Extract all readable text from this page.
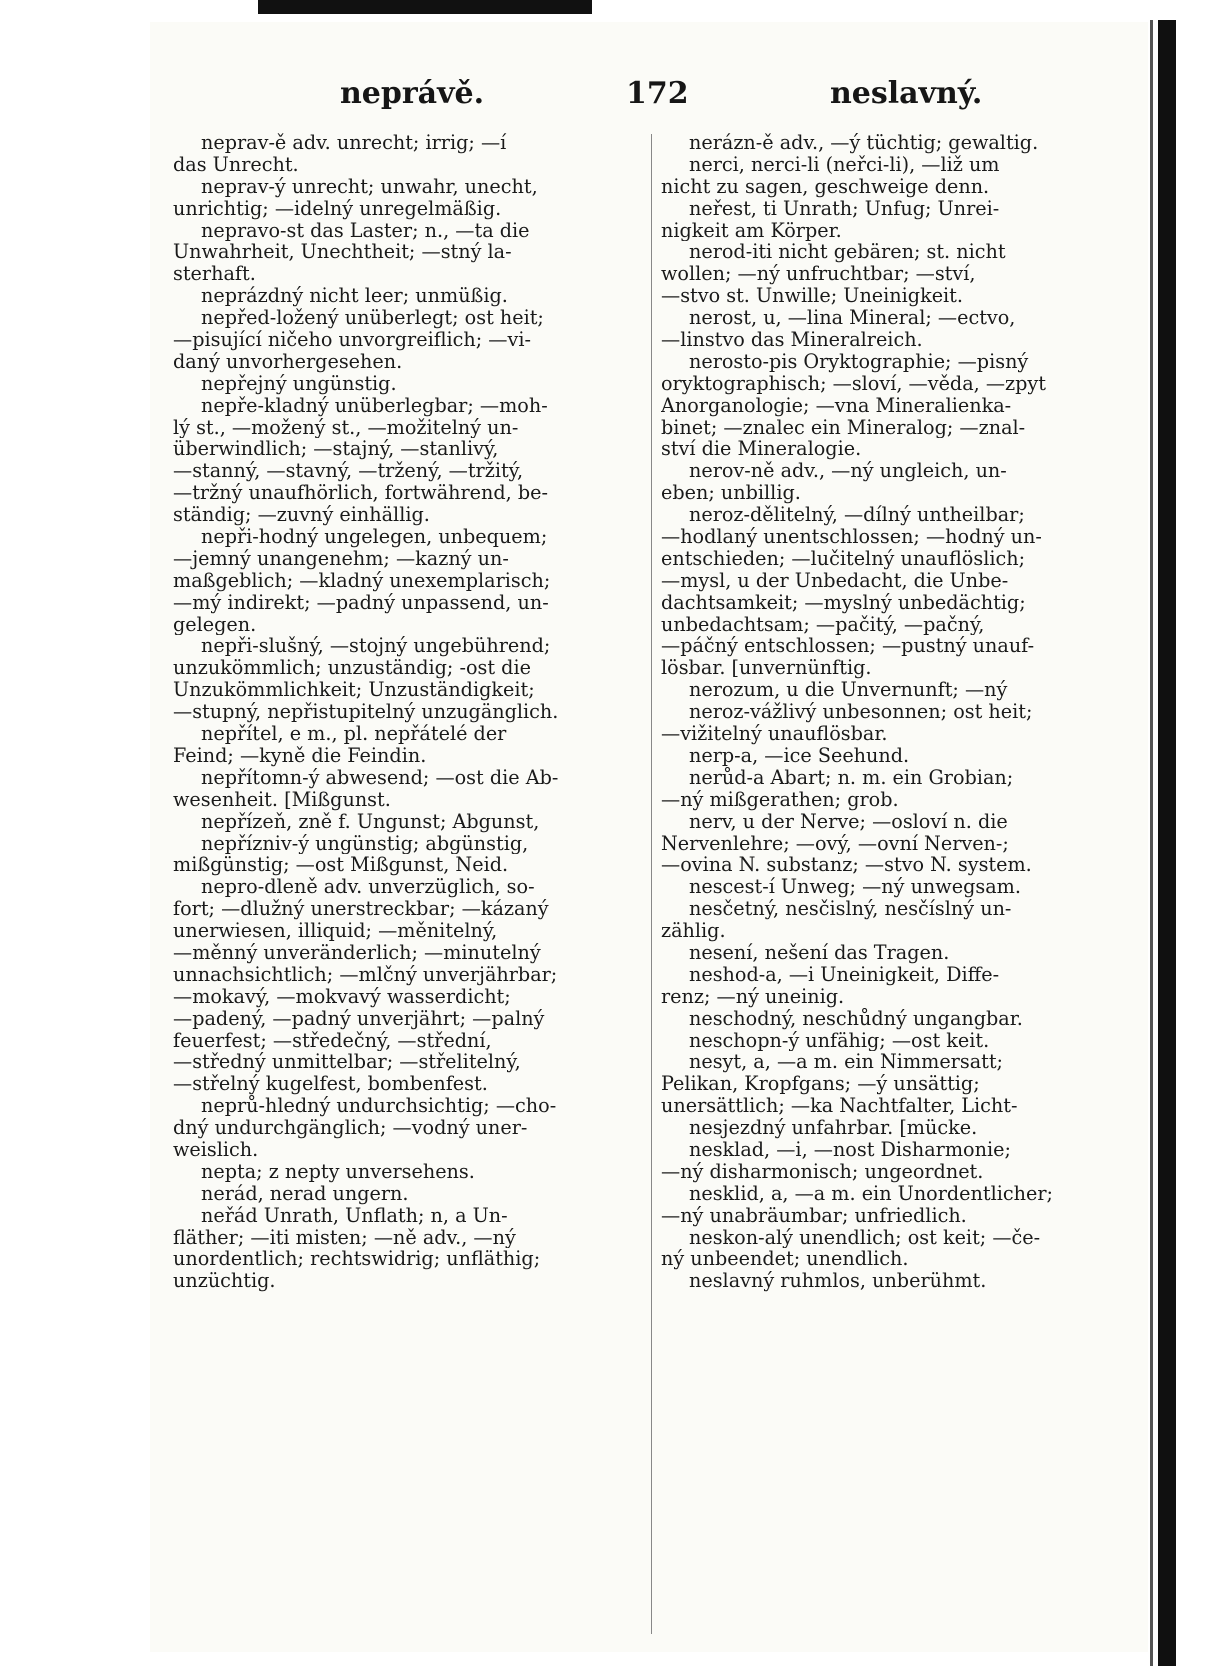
neprávě.	172	neslavný.
neprav-ě adv. unrecht; irrig; —í
das Unrecht.
neprav-ý unrecht; unwahr, unecht,
unrichtig; —idelný unregelmäßig.
nepravo-st das Laster; n., —ta die
Unwahrheit, Unechtheit; —stný la-
sterhaft.
neprázdný nicht leer; unmüßig.
nepřed-ložený unüberlegt; ost heit;
—pisující ničeho unvorgreiflich; —vi-
daný unvorhergesehen.
nepřejný ungünstig.
nepře-kladný unüberlegbar; —moh-
lý st., —možený st., —možitelný un-
überwindlich; —stajný, —stanlivý,
—stanný, —stavný, —tržený, —tržitý,
—tržný unaufhörlich, fortwährend, be-
ständig; —zuvný einhällig.
nepři-hodný ungelegen, unbequem;
—jemný unangenehm; —kazný un-
maßgeblich; —kladný unexemplarisch;
—mý indirekt; —padný unpassend, un-
gelegen.
nepři-slušný, —stojný ungebührend;
unzukömmlich; unzuständig; -ost die
Unzukömmlichkeit; Unzuständigkeit;
—stupný, nepřistupitelný unzugänglich.
nepřítel, e m., pl. nepřátelé der
Feind; —kyně die Feindin.
nepřítomn-ý abwesend; —ost die Ab-
wesenheit. [Mißgunst.
nepřízeň, zně f. Ungunst; Abgunst,
nepřízniv-ý ungünstig; abgünstig,
mißgünstig; —ost Mißgunst, Neid.
nepro-dleně adv. unverzüglich, so-
fort; —dlužný unerstreckbar; —kázaný
unerwiesen, illiquid; —měnitelný,
—měnný unveränderlich; —minutelný
unnachsichtlich; —mlčný unverjährbar;
—mokavý, —mokvavý wasserdicht;
—padený, —padný unverjährt; —palný
feuerfest; —středečný, —střední,
—středný unmittelbar; —střelitelný,
—střelný kugelfest, bombenfest.
neprů-hledný undurchsichtig; —cho-
dný undurchgänglich; —vodný uner-
weislich.
nepta; z nepty unversehens.
nerád, nerad ungern.
neřád Unrath, Unflath; n, a Un-
fläther; —iti misten; —ně adv., —ný
unordentlich; rechtswidrig; unfläthig;
unzüchtig.
nerázn-ě adv., —ý tüchtig; gewaltig.
nerci, nerci-li (neřci-li), —liž um
nicht zu sagen, geschweige denn.
neřest, ti Unrath; Unfug; Unrei-
nigkeit am Körper.
nerod-iti nicht gebären; st. nicht
wollen; —ný unfruchtbar; —ství,
—stvo st. Unwille; Uneinigkeit.
nerost, u, —lina Mineral; —ectvo,
—linstvo das Mineralreich.
nerosto-pis Oryktographie; —pisný
oryktographisch; —sloví, —věda, —zpyt
Anorganologie; —vna Mineralienka-
binet; —znalec ein Mineralog; —znal-
ství die Mineralogie.
nerov-ně adv., —ný ungleich, un-
eben; unbillig.
neroz-dělitelný, —dílný untheilbar;
—hodlaný unentschlossen; —hodný un-
entschieden; —lučitelný unauflöslich;
—mysl, u der Unbedacht, die Unbe-
dachtsamkeit; —myslný unbedächtig;
unbedachtsam; —pačitý, —pačný,
—páčný entschlossen; —pustný unauf-
lösbar. [unvernünftig.
nerozum, u die Unvernunft; —ný
neroz-vážlivý unbesonnen; ost heit;
—vižitelný unauflösbar.
nerp-a, —ice Seehund.
nerůd-a Abart; n. m. ein Grobian;
—ný mißgerathen; grob.
nerv, u der Nerve; —osloví n. die
Nervenlehre; —ový, —ovní Nerven-;
—ovina N. substanz; —stvo N. system.
nescest-í Unweg; —ný unwegsam.
nesčetný, nesčislný, nesčíslný un-
zählig.
nesení, nešení das Tragen.
neshod-a, —i Uneinigkeit, Diffe-
renz; —ný uneinig.
neschodný, neschůdný ungangbar.
neschopn-ý unfähig; —ost keit.
nesyt, a, —a m. ein Nimmersatt;
Pelikan, Kropfgans; —ý unsättig;
unersättlich; —ka Nachtfalter, Licht-
nesjezdný unfahrbar. [mücke.
nesklad, —i, —nost Disharmonie;
—ný disharmonisch; ungeordnet.
nesklid, a, —a m. ein Unordentlicher;
—ný unabräumbar; unfriedlich.
neskon-alý unendlich; ost keit; —če-
ný unbeendet; unendlich.
neslavný ruhmlos, unberühmt.
